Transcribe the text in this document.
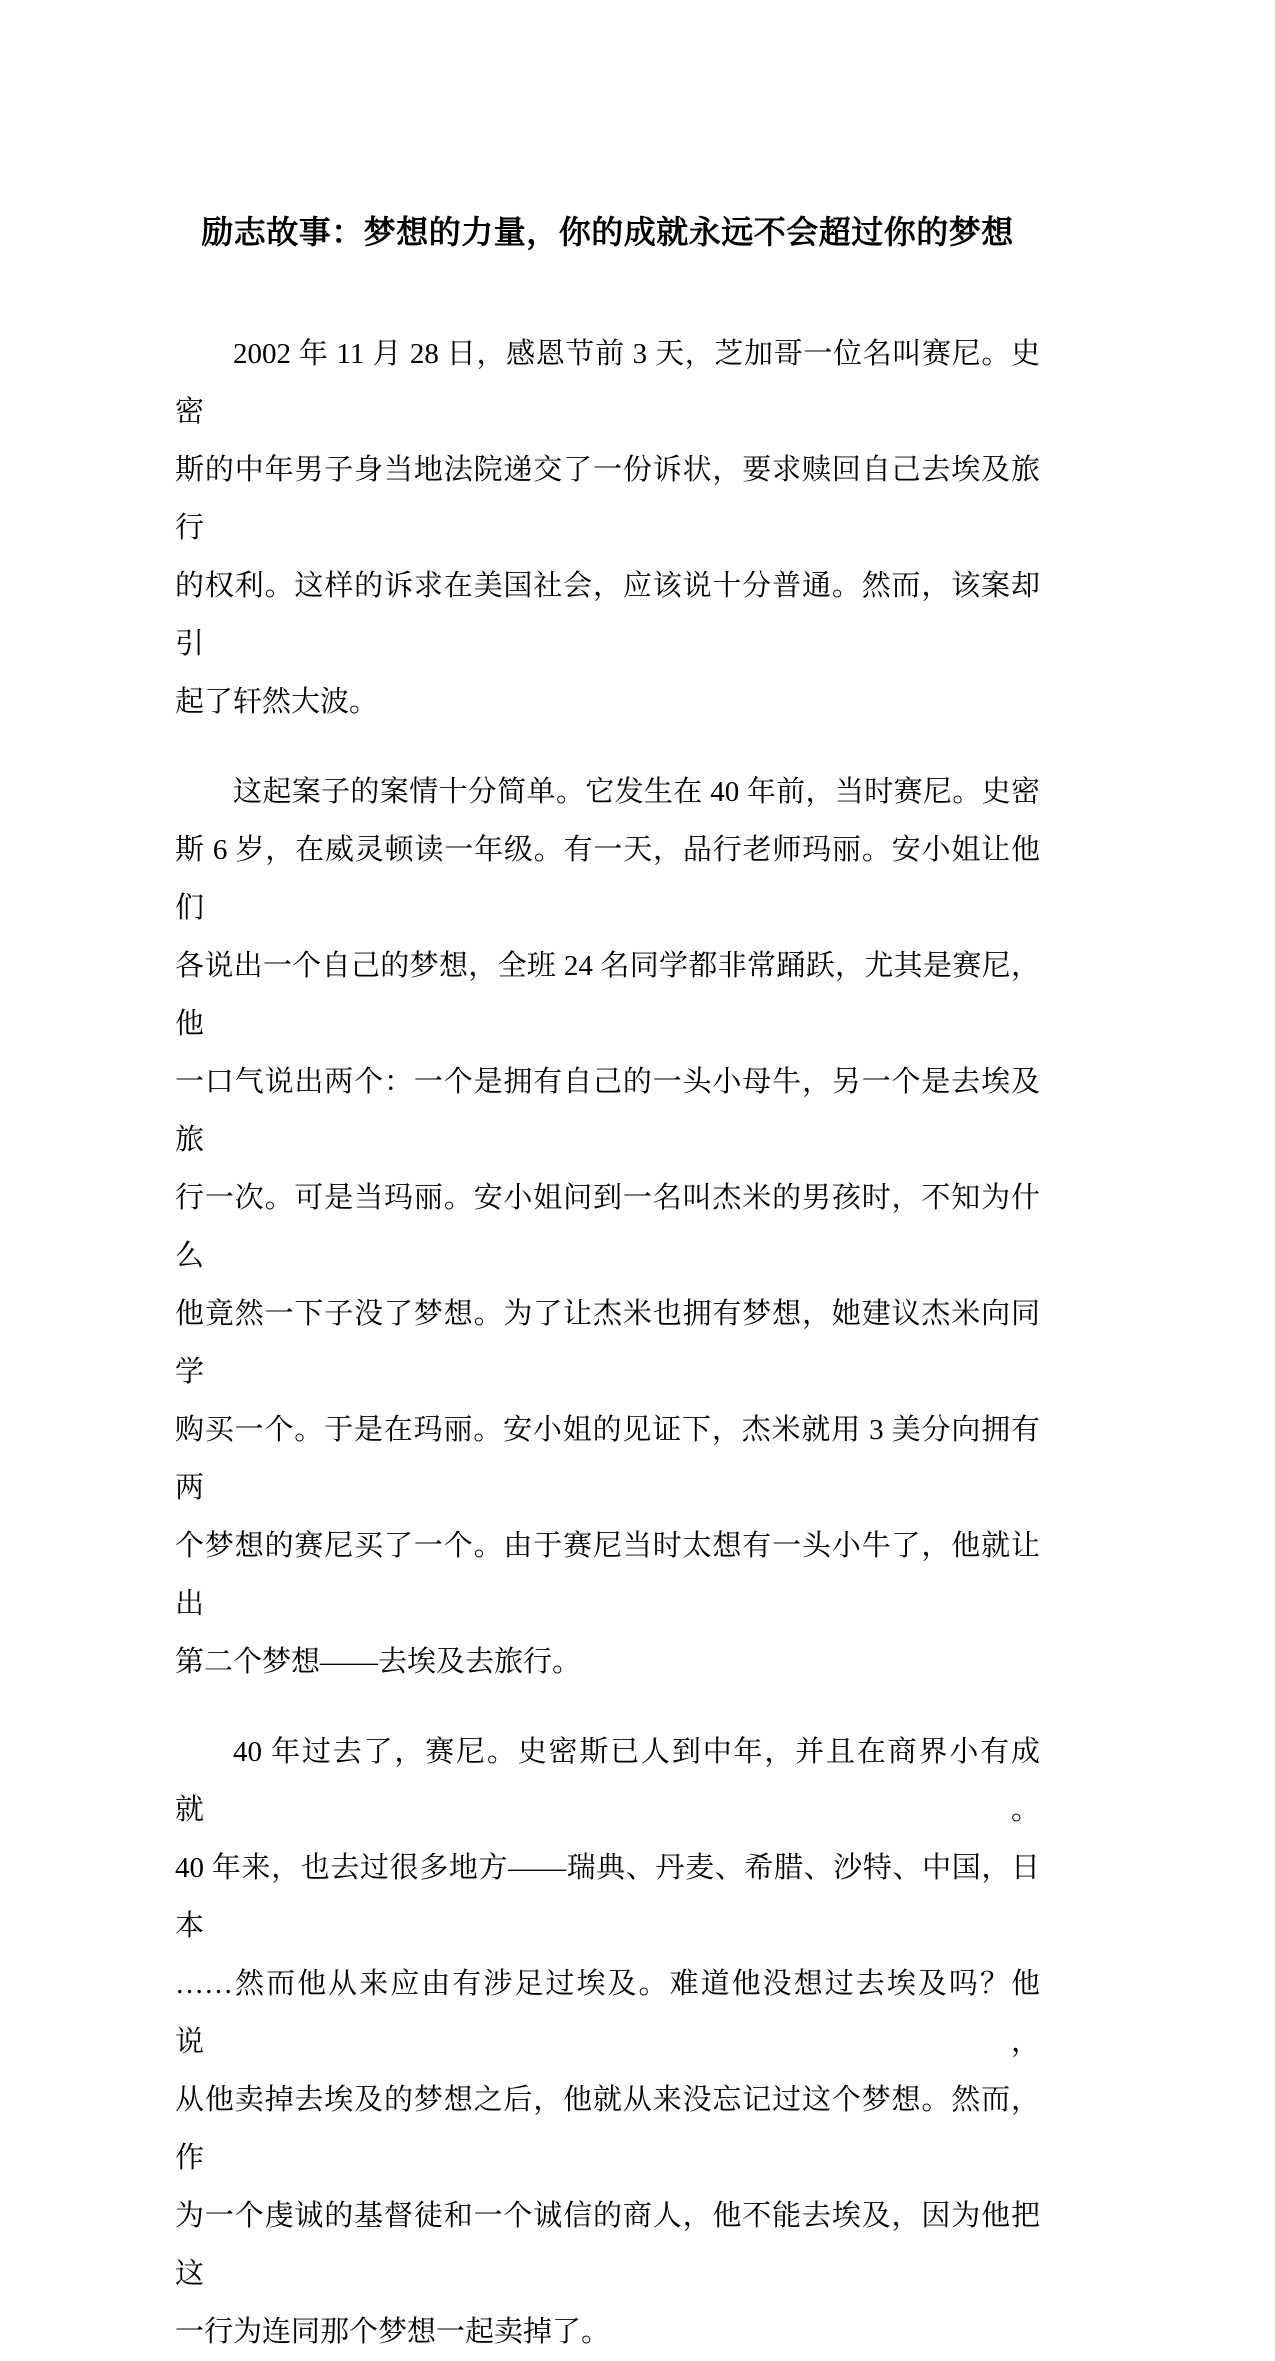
励志故事：梦想的力量，你的成就永远不会超过你的梦想
2002 年 11 月 28 日，感恩节前 3 天，芝加哥一位名叫赛尼。史密
斯的中年男子身当地法院递交了一份诉状，要求赎回自己去埃及旅行
的权利。这样的诉求在美国社会，应该说十分普通。然而，该案却引
起了轩然大波。
这起案子的案情十分简单。它发生在 40 年前，当时赛尼。史密
斯 6 岁，在威灵顿读一年级。有一天，品行老师玛丽。安小姐让他们
各说出一个自己的梦想，全班 24 名同学都非常踊跃，尤其是赛尼，他
一口气说出两个：一个是拥有自己的一头小母牛，另一个是去埃及旅
行一次。可是当玛丽。安小姐问到一名叫杰米的男孩时，不知为什么
他竟然一下子没了梦想。为了让杰米也拥有梦想，她建议杰米向同学
购买一个。于是在玛丽。安小姐的见证下，杰米就用 3 美分向拥有两
个梦想的赛尼买了一个。由于赛尼当时太想有一头小牛了，他就让出
第二个梦想——去埃及去旅行。
40 年过去了，赛尼。史密斯已人到中年，并且在商界小有成就。
40 年来，也去过很多地方——瑞典、丹麦、希腊、沙特、中国，日本
……然而他从来应由有涉足过埃及。难道他没想过去埃及吗？他说，
从他卖掉去埃及的梦想之后，他就从来没忘记过这个梦想。然而，作
为一个虔诚的基督徒和一个诚信的商人，他不能去埃及，因为他把这
一行为连同那个梦想一起卖掉了。
